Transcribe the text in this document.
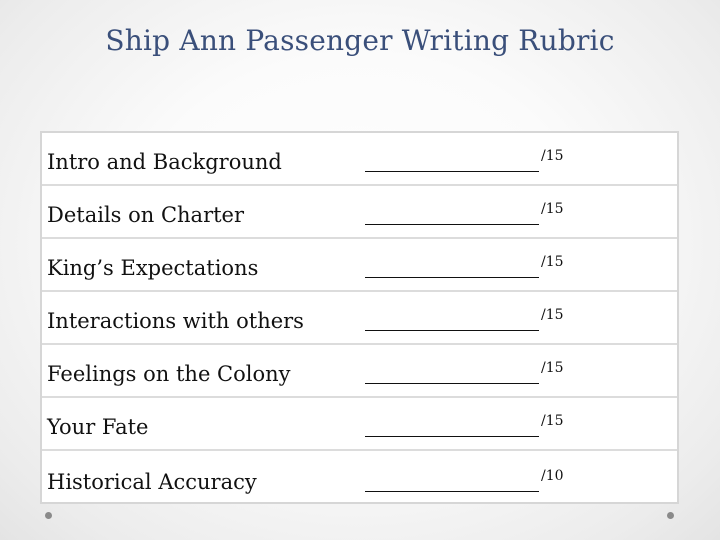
Ship Ann Passenger Writing Rubric
Intro and Background	/15
Details on Charter	/15
King’s Expectations	/15
Interactions with others	/15
Feelings on the Colony	/15
Your Fate	/15
Historical Accuracy	/10
